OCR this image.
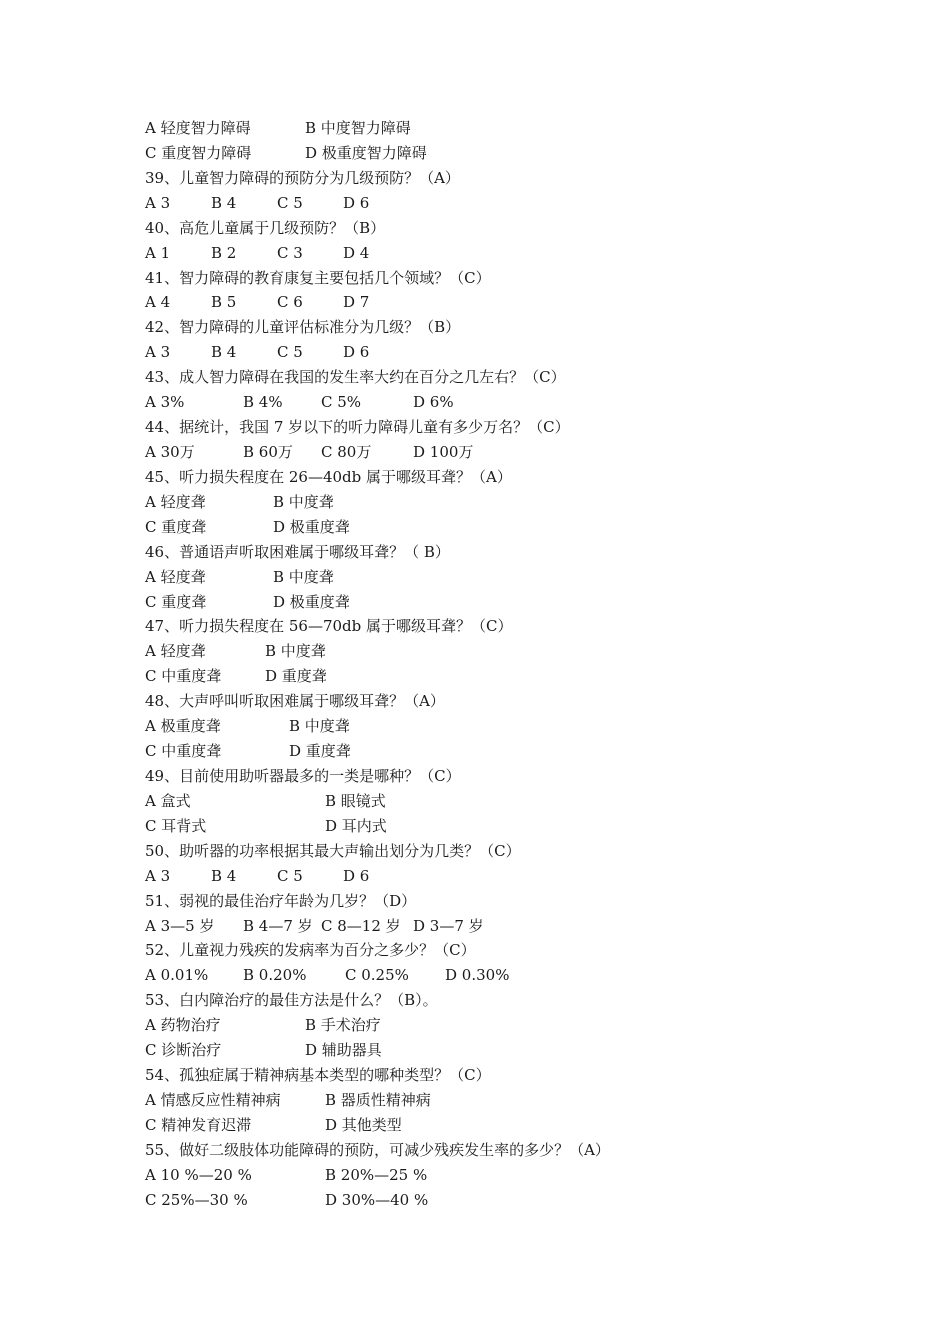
A 轻度智力障碍	B 中度智力障碍
C 重度智力障碍	D 极重度智力障碍
39、儿童智力障碍的预防分为几级预防？（A）
A 3	B 4	C 5	D 6
40、高危儿童属于几级预防？（B）
A 1	B 2	C 3	D 4
41、智力障碍的教育康复主要包括几个领域？（C）
A 4	B 5	C 6	D 7
42、智力障碍的儿童评估标准分为几级？（B）
A 3	B 4	C 5	D 6
43、成人智力障碍在我国的发生率大约在百分之几左右？（C）
A 3%	B 4%	C 5%	D 6%
44、据统计，我国 7 岁以下的听力障碍儿童有多少万名？（C）
A 30万	B 60万 C 80万	D 100万
45、听力损失程度在 26—40db 属于哪级耳聋？（A）
A 轻度聋	B 中度聋
C 重度聋	D 极重度聋
46、普通语声听取困难属于哪级耳聋？（ B）
A 轻度聋	B 中度聋
C 重度聋	D 极重度聋
47、听力损失程度在 56—70db 属于哪级耳聋？（C）
A 轻度聋	B 中度聋
C 中重度聋	D 重度聋
48、大声呼叫听取困难属于哪级耳聋？（A）
A 极重度聋	B 中度聋
C 中重度聋	D 重度聋
49、目前使用助听器最多的一类是哪种？（C）
A 盒式	B 眼镜式
C 耳背式	D 耳内式
50、助听器的功率根据其最大声输出划分为几类？（C）
A 3	B 4	C 5	D 6
51、弱视的最佳治疗年龄为几岁？（D）
A 3—5 岁 B 4—7 岁 C 8—12 岁 D 3—7 岁
52、儿童视力残疾的发病率为百分之多少？（C）
A 0.01% B 0.20%	C 0.25% D 0.30%
53、白内障治疗的最佳方法是什么？（B）。
A 药物治疗	B 手术治疗
C 诊断治疗	D 辅助器具
54、孤独症属于精神病基本类型的哪种类型？（C）
A 情感反应性精神病	B 器质性精神病
C 精神发育迟滞	D 其他类型
55、做好二级肢体功能障碍的预防，可减少残疾发生率的多少？（A）
A 10 %—20 %	B 20%—25 %
C 25%—30 %	D 30%—40 %
